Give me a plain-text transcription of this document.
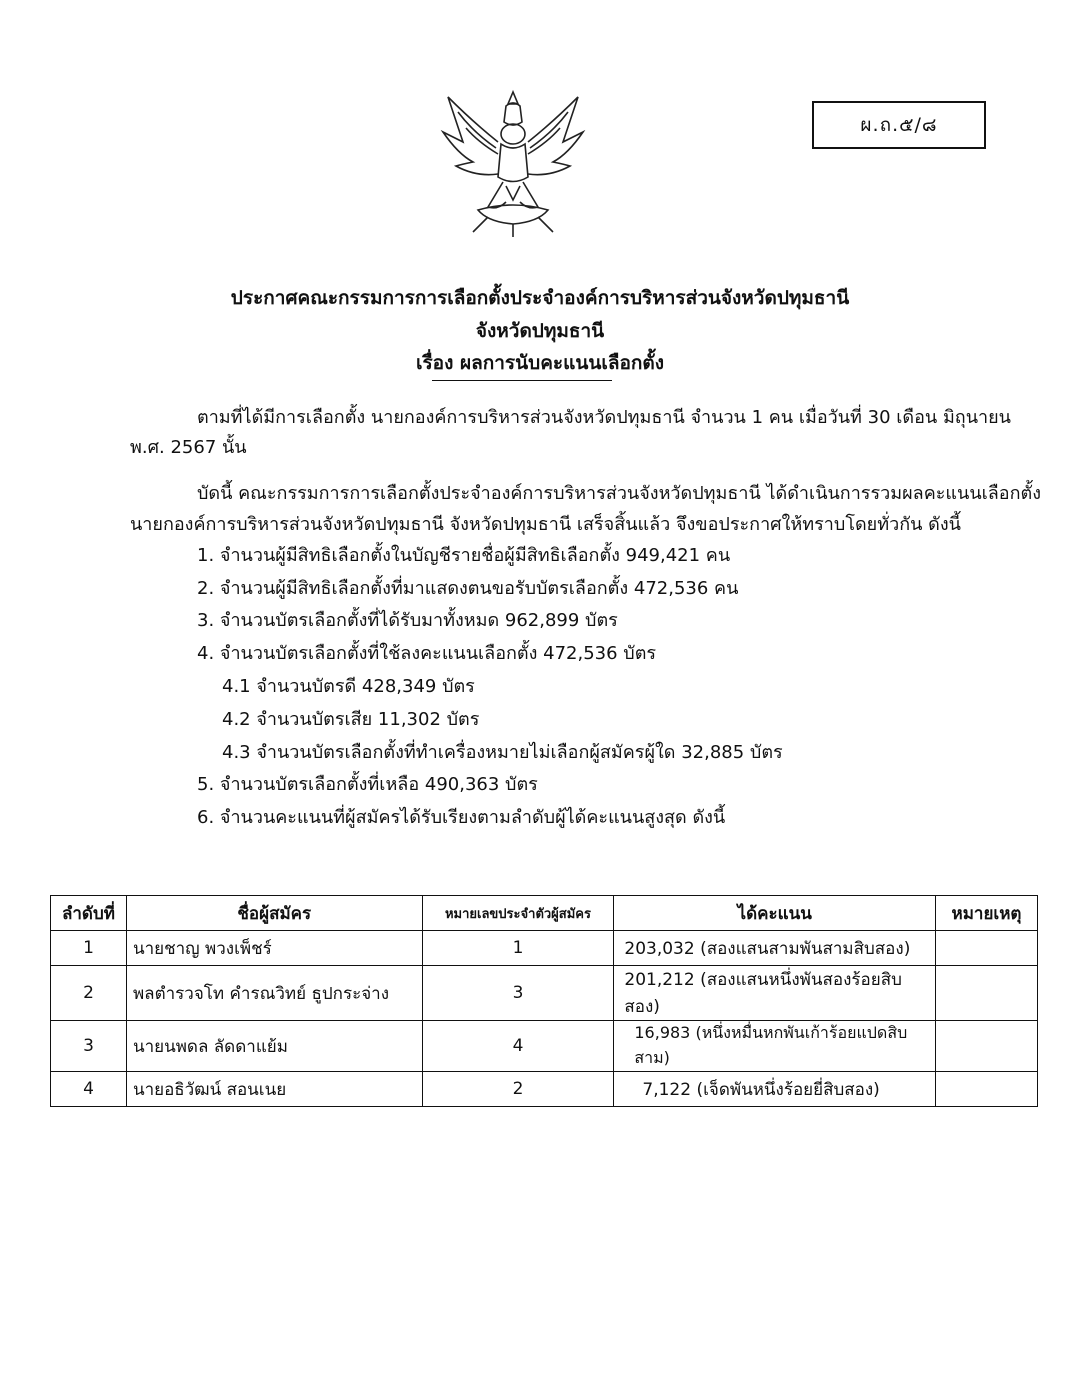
ผ.ถ.๕/๘
ประกาศคณะกรรมการการเลือกตั้งประจำองค์การบริหารส่วนจังหวัดปทุมธานี
จังหวัดปทุมธานี
เรื่อง ผลการนับคะแนนเลือกตั้ง
ตามที่ได้มีการเลือกตั้ง นายกองค์การบริหารส่วนจังหวัดปทุมธานี จำนวน 1 คน เมื่อวันที่ 30 เดือน มิถุนายน
พ.ศ. 2567 นั้น
บัดนี้ คณะกรรมการการเลือกตั้งประจำองค์การบริหารส่วนจังหวัดปทุมธานี ได้ดำเนินการรวมผลคะแนนเลือกตั้ง
นายกองค์การบริหารส่วนจังหวัดปทุมธานี จังหวัดปทุมธานี เสร็จสิ้นแล้ว จึงขอประกาศให้ทราบโดยทั่วกัน ดังนี้
1. จำนวนผู้มีสิทธิเลือกตั้งในบัญชีรายชื่อผู้มีสิทธิเลือกตั้ง 949,421 คน
2. จำนวนผู้มีสิทธิเลือกตั้งที่มาแสดงตนขอรับบัตรเลือกตั้ง 472,536 คน
3. จำนวนบัตรเลือกตั้งที่ได้รับมาทั้งหมด 962,899 บัตร
4. จำนวนบัตรเลือกตั้งที่ใช้ลงคะแนนเลือกตั้ง 472,536 บัตร
4.1 จำนวนบัตรดี 428,349 บัตร
4.2 จำนวนบัตรเสีย 11,302 บัตร
4.3 จำนวนบัตรเลือกตั้งที่ทำเครื่องหมายไม่เลือกผู้สมัครผู้ใด 32,885 บัตร
5. จำนวนบัตรเลือกตั้งที่เหลือ 490,363 บัตร
6. จำนวนคะแนนที่ผู้สมัครได้รับเรียงตามลำดับผู้ได้คะแนนสูงสุด ดังนี้
ลำดับที่	ชื่อผู้สมัคร	หมายเลขประจำตัวผู้สมัคร	ได้คะแนน	หมายเหตุ
1	นายชาญ พวงเพ็ชร์	1	203,032 (สองแสนสามพันสามสิบสอง)	
2	พลตำรวจโท คำรณวิทย์ ธูปกระจ่าง	3	201,212 (สองแสนหนึ่งพันสองร้อยสิบสอง)	
3	นายนพดล ลัดดาแย้ม	4	16,983 (หนึ่งหมื่นหกพันเก้าร้อยแปดสิบสาม)	
4	นายอธิวัฒน์ สอนเนย	2	7,122 (เจ็ดพันหนึ่งร้อยยี่สิบสอง)	
